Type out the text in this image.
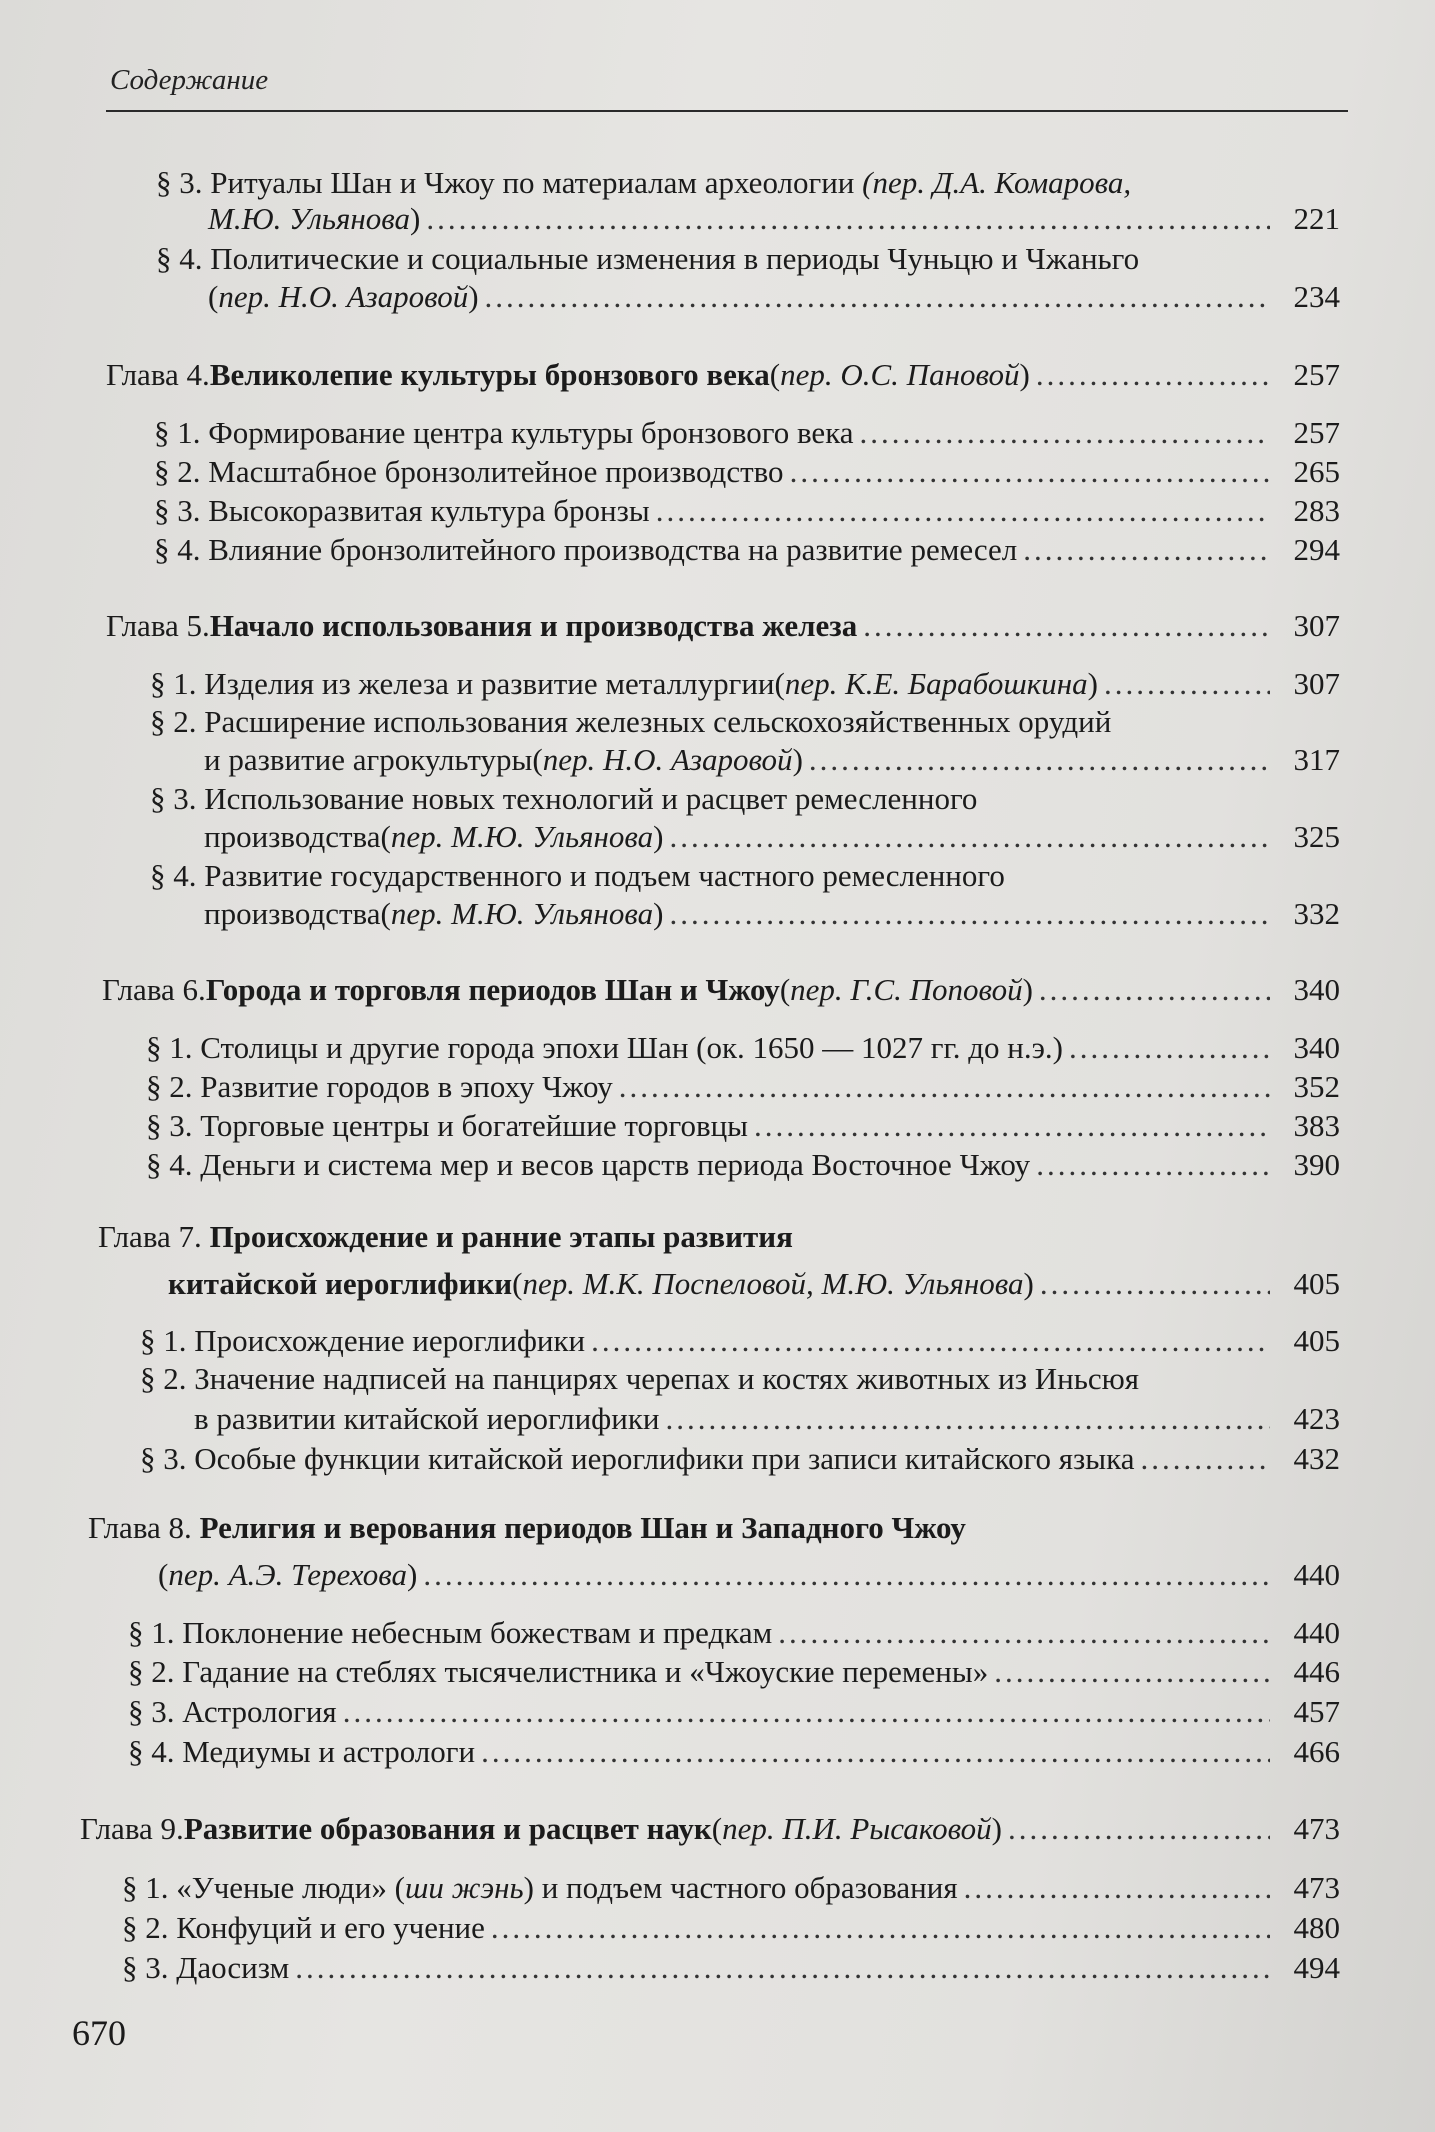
Содержание
§ 3. Ритуалы Шан и Чжоу по материалам археологии (пер. Д.А. Комарова,
М.Ю. Ульянова ) .....	221
§ 4. Политические и социальные изменения в периоды Чуньцю и Чжаньго
( пер. Н.О. Азаровой ) .....	234
Глава 4. Великолепие культуры бронзового века ( пер. О.С. Пановой ) .....	257
§ 1. Формирование центра культуры бронзового века .....	257
§ 2. Масштабное бронзолитейное производство .....	265
§ 3. Высокоразвитая культура бронзы .....	283
§ 4. Влияние бронзолитейного производства на развитие ремесел .....	294
Глава 5. Начало использования и производства железа .....	307
§ 1. Изделия из железа и развитие металлургии ( пер. К.Е. Барабошкина ) .....	307
§ 2. Расширение использования железных сельскохозяйственных орудий
и развитие агрокультуры ( пер. Н.О. Азаровой ) .....	317
§ 3. Использование новых технологий и расцвет ремесленного
производства ( пер. М.Ю. Ульянова ) .....	325
§ 4. Развитие государственного и подъем частного ремесленного
производства ( пер. М.Ю. Ульянова ) .....	332
Глава 6. Города и торговля периодов Шан и Чжоу ( пер. Г.С. Поповой ) .....	340
§ 1. Столицы и другие города эпохи Шан (ок. 1650 — 1027 гг. до н.э.) .....	340
§ 2. Развитие городов в эпоху Чжоу .....	352
§ 3. Торговые центры и богатейшие торговцы .....	383
§ 4. Деньги и система мер и весов царств периода Восточное Чжоу .....	390
Глава 7. Происхождение и ранние этапы развития
китайской иероглифики ( пер. М.К. Поспеловой, М.Ю. Ульянова ) .....	405
§ 1. Происхождение иероглифики .....	405
§ 2. Значение надписей на панцирях черепах и костях животных из Иньсюя
в развитии китайской иероглифики .....	423
§ 3. Особые функции китайской иероглифики при записи китайского языка .....	432
Глава 8. Религия и верования периодов Шан и Западного Чжоу
( пер. А.Э. Терехова ) .....	440
§ 1. Поклонение небесным божествам и предкам .....	440
§ 2. Гадание на стеблях тысячелистника и «Чжоуские перемены» .....	446
§ 3. Астрология .....	457
§ 4. Медиумы и астрологи .....	466
Глава 9. Развитие образования и расцвет наук ( пер. П.И. Рысаковой ) .....	473
§ 1. «Ученые люди» ( ши жэнь ) и подъем частного образования .....	473
§ 2. Конфуций и его учение .....	480
§ 3. Даосизм .....	494
670
